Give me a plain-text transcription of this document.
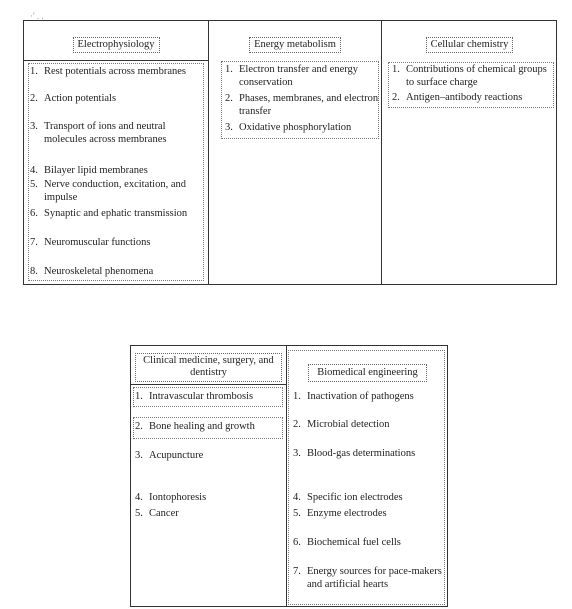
·' . .
Electrophysiology
1. Rest potentials across membranes
2. Action potentials
3. Transport of ions and neutral molecules across membranes
4. Bilayer lipid membranes
5. Nerve conduction, excitation, and impulse
6. Synaptic and ephatic transmission
7. Neuromuscular functions
8. Neuroskeletal phenomena
Energy metabolism
1. Electron transfer and energy conservation
2. Phases, membranes, and electron transfer
3. Oxidative phosphorylation
Cellular chemistry
1. Contributions of chemical groups to surface charge
2. Antigen–antibody reactions
Clinical medicine, surgery, and dentistry
1. Intravascular thrombosis
2. Bone healing and growth
3. Acupuncture
4. Iontophoresis
5. Cancer
Biomedical engineering
1. Inactivation of pathogens
2. Microbial detection
3. Blood-gas determinations
4. Specific ion electrodes
5. Enzyme electrodes
6. Biochemical fuel cells
7. Energy sources for pace-makers and artificial hearts
